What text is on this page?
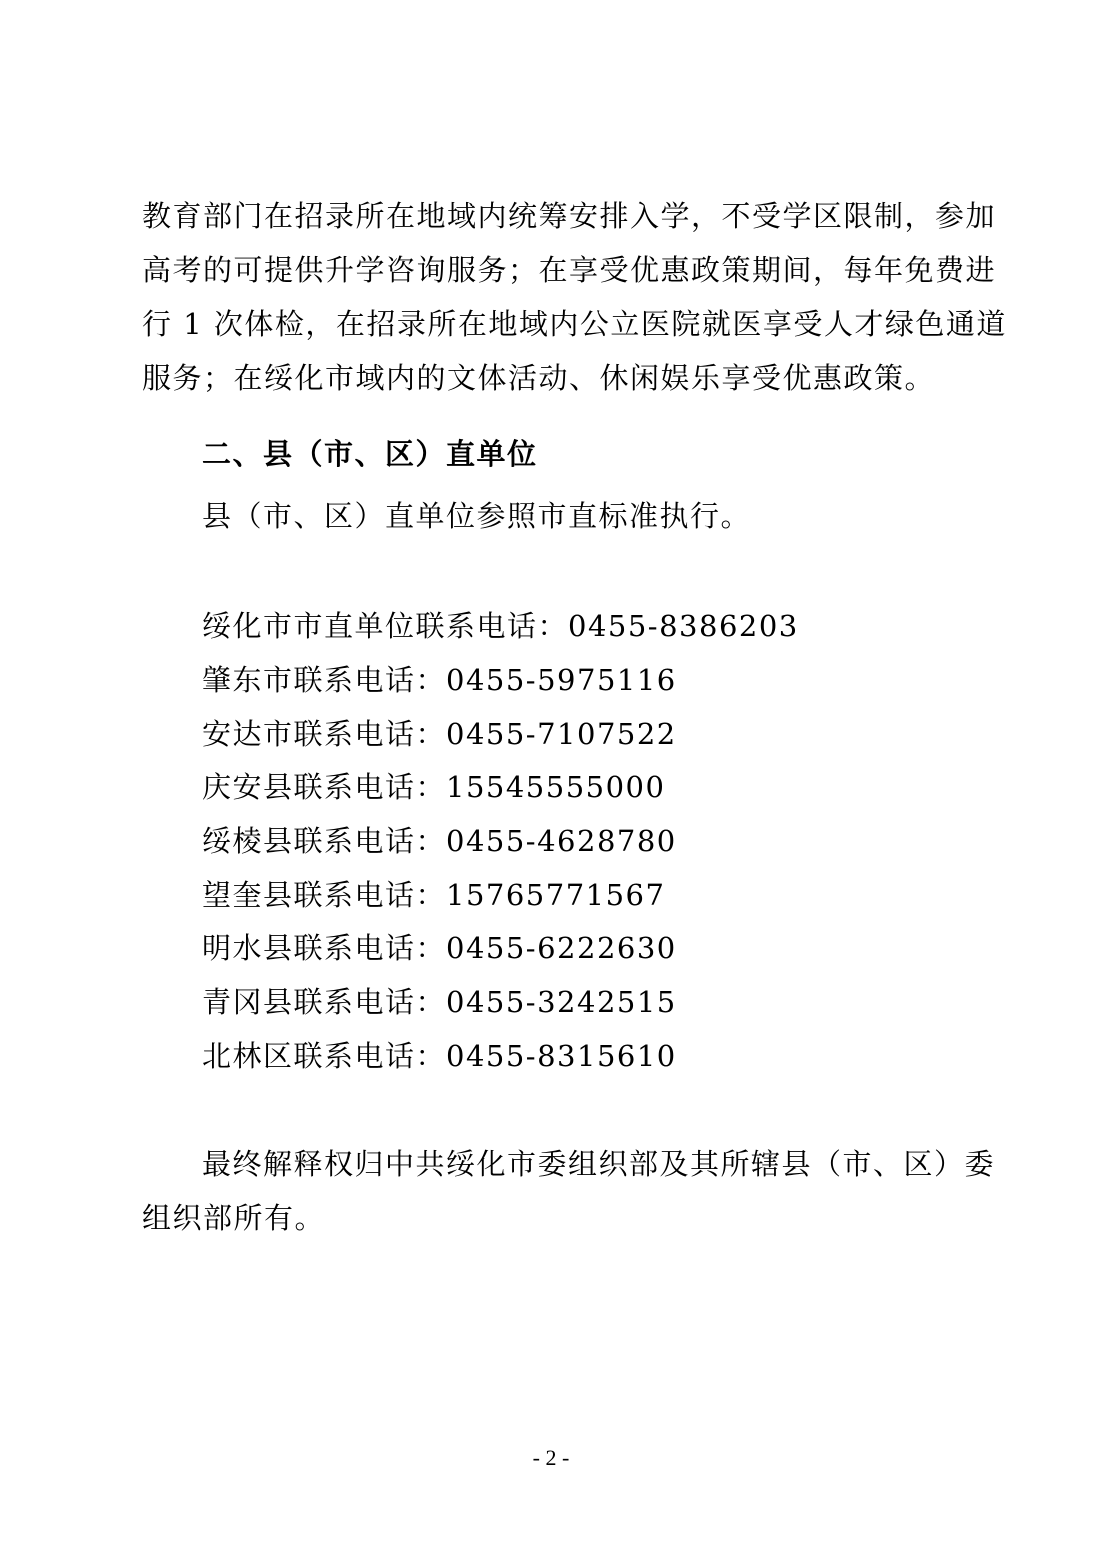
教育部门在招录所在地域内统筹安排入学，不受学区限制，参加
高考的可提供升学咨询服务；在享受优惠政策期间，每年免费进
行 1 次体检，在招录所在地域内公立医院就医享受人才绿色通道
服务；在绥化市域内的文体活动、休闲娱乐享受优惠政策。
二、县（市、区）直单位
县（市、区）直单位参照市直标准执行。
绥化市市直单位联系电话：0455-8386203
肇东市联系电话：0455-5975116
安达市联系电话：0455-7107522
庆安县联系电话：15545555000
绥棱县联系电话：0455-4628780
望奎县联系电话：15765771567
明水县联系电话：0455-6222630
青冈县联系电话：0455-3242515
北林区联系电话：0455-8315610
最终解释权归中共绥化市委组织部及其所辖县（市、区）委
组织部所有。
- 2 -
